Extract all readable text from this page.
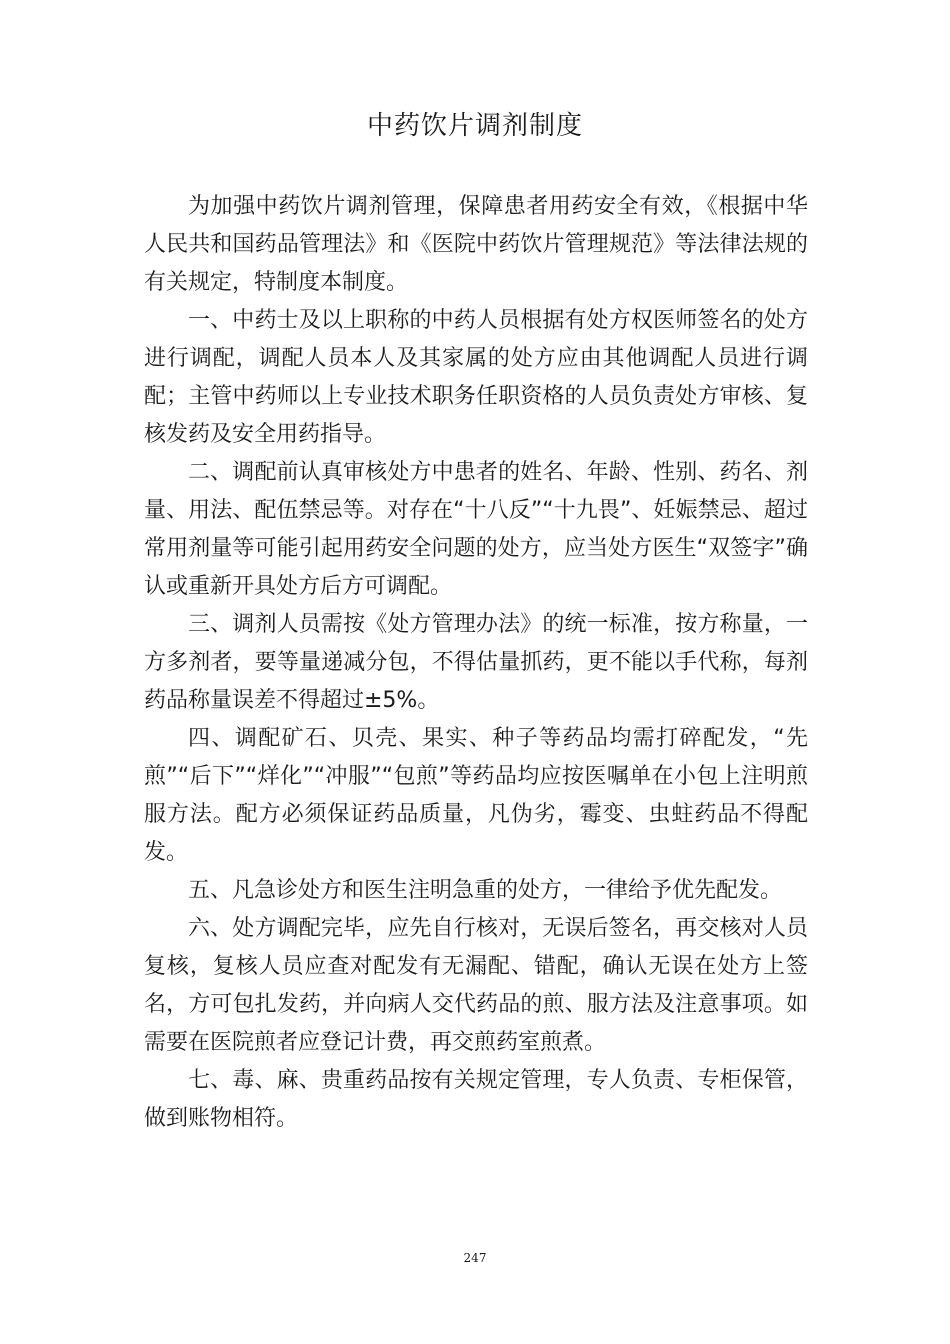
中药饮片调剂制度

为加强中药饮片调剂管理，保障患者用药安全有效，《根据中华人民共和国药品管理法》和《医院中药饮片管理规范》等法律法规的有关规定，特制度本制度。

一、中药士及以上职称的中药人员根据有处方权医师签名的处方进行调配，调配人员本人及其家属的处方应由其他调配人员进行调配；主管中药师以上专业技术职务任职资格的人员负责处方审核、复核发药及安全用药指导。

二、调配前认真审核处方中患者的姓名、年龄、性别、药名、剂量、用法、配伍禁忌等。对存在“十八反”“十九畏”、妊娠禁忌、超过常用剂量等可能引起用药安全问题的处方，应当处方医生“双签字”确认或重新开具处方后方可调配。

三、调剂人员需按《处方管理办法》的统一标准，按方称量，一方多剂者，要等量递减分包，不得估量抓药，更不能以手代称，每剂药品称量误差不得超过±5%。

四、调配矿石、贝壳、果实、种子等药品均需打碎配发，“先煎”“后下”“烊化”“冲服”“包煎”等药品均应按医嘱单在小包上注明煎服方法。配方必须保证药品质量，凡伪劣，霉变、虫蛀药品不得配发。

五、凡急诊处方和医生注明急重的处方，一律给予优先配发。

六、处方调配完毕，应先自行核对，无误后签名，再交核对人员复核，复核人员应查对配发有无漏配、错配，确认无误在处方上签名，方可包扎发药，并向病人交代药品的煎、服方法及注意事项。如需要在医院煎者应登记计费，再交煎药室煎煮。

七、毒、麻、贵重药品按有关规定管理，专人负责、专柜保管，做到账物相符。

247
